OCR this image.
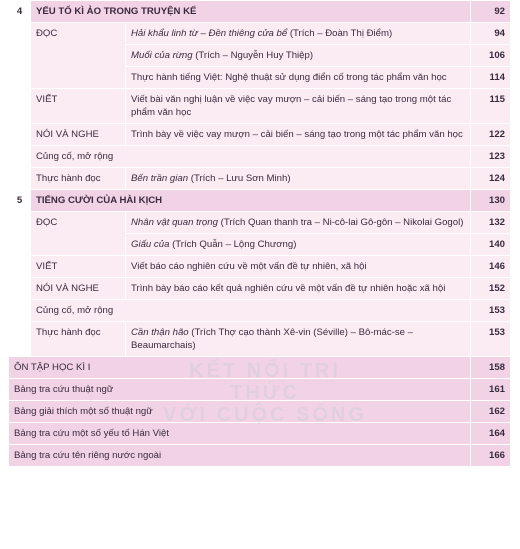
KẾT NỐI TRI THỨC
VỚI CUỘC SỐNG
4	YẾU TỐ KÌ ẢO TRONG TRUYỆN KỂ		92
	ĐỌC	Hải khẩu linh từ – Đền thiêng cửa bể (Trích – Đoàn Thị Điểm)	94
		Muối của rừng (Trích – Nguyễn Huy Thiệp)	106
		Thực hành tiếng Việt: Nghệ thuật sử dụng điển cố trong tác phẩm văn học	114
	VIẾT	Viết bài văn nghị luận về việc vay mượn – cải biến – sáng tạo trong một tác phẩm văn học	115
	NÓI VÀ NGHE	Trình bày về việc vay mượn – cải biến – sáng tạo trong một tác phẩm văn học	122
	Củng cố, mở rộng		123
	Thực hành đọc	Bến trần gian (Trích – Lưu Sơn Minh)	124
5	TIẾNG CƯỜI CỦA HÀI KỊCH		130
	ĐỌC	Nhân vật quan trọng (Trích Quan thanh tra – Ni-cô-lai Gô-gôn – Nikolai Gogol)	132
		Giấu của (Trích Quẫn – Lộng Chương)	140
	VIẾT	Viết báo cáo nghiên cứu về một vấn đề tự nhiên, xã hội	146
	NÓI VÀ NGHE	Trình bày báo cáo kết quả nghiên cứu về một vấn đề tự nhiên hoặc xã hội	152
	Củng cố, mở rộng		153
	Thực hành đọc	Cần thận hão (Trích Thợ cạo thành Xê-vin (Séville) – Bô-mác-se – Beaumarchais)	153
ÔN TẬP HỌC KÌ I			158
Bảng tra cứu thuật ngữ			161
Bảng giải thích một số thuật ngữ			162
Bảng tra cứu một số yếu tố Hán Việt			164
Bảng tra cứu tên riêng nước ngoài			166
